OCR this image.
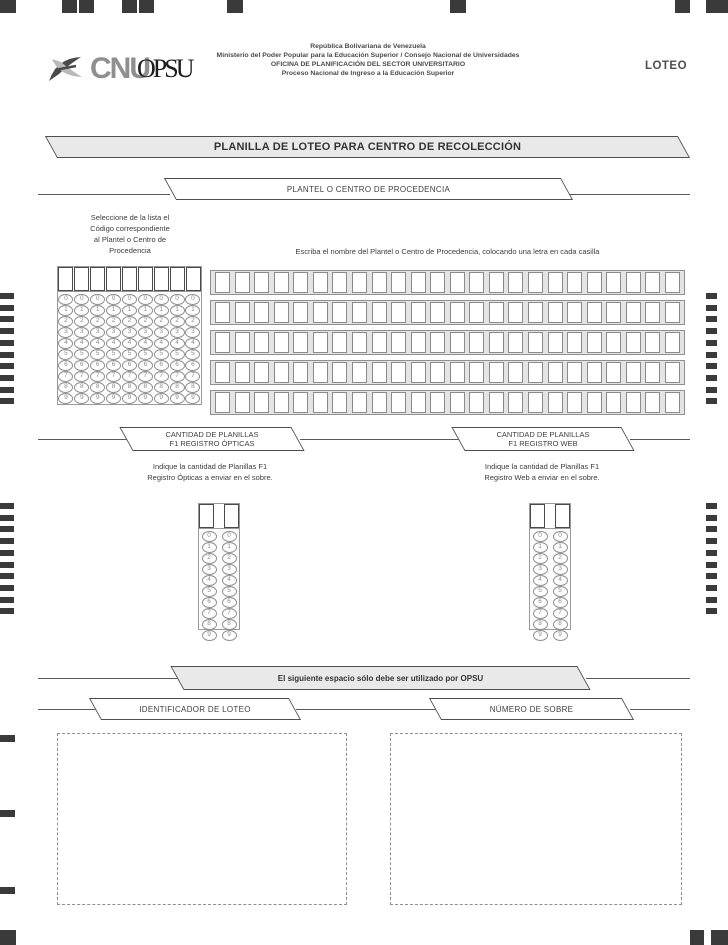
CNU
OPSU
República Bolivariana de Venezuela
Ministerio del Poder Popular para la Educación Superior / Consejo Nacional de Universidades
OFICINA DE PLANIFICACIÓN DEL SECTOR UNIVERSITARIO
Proceso Nacional de Ingreso a la Educación Superior
LOTEO
PLANILLA DE LOTEO PARA CENTRO DE RECOLECCIÓN
PLANTEL O CENTRO DE PROCEDENCIA
Seleccione de la lista el
Código correspondiente
al Plantel o Centro de
Procedencia	Escriba el nombre del Plantel o Centro de Procedencia, colocando una letra en cada casilla
0	0	0	0	0	0	0	0	0
1	1	1	1	1	1	1	1	1
2	2	2	2	2	2	2	2	2
3	3	3	3	3	3	3	3	3
4	4	4	4	4	4	4	4	4
5	5	5	5	5	5	5	5	5
6	6	6	6	6	6	6	6	6
7	7	7	7	7	7	7	7	7
8	8	8	8	8	8	8	8	8
9	9	9	9	9	9	9	9	9
CANTIDAD DE PLANILLAS
F1 REGISTRO ÓPTICAS
CANTIDAD DE PLANILLAS
F1 REGISTRO WEB
Indique la cantidad de Planillas F1
Registro Ópticas a enviar en el sobre.
Indique la cantidad de Planillas F1
Registro Web a enviar en el sobre.
0	0
1	1
2	2
3	3
4	4
5	5
6	6
7	7
8	8
9	9
0	0
1	1
2	2
3	3
4	4
5	5
6	6
7	7
8	8
9	9
El siguiente espacio sólo debe ser utilizado por OPSU
IDENTIFICADOR DE LOTEO	NÚMERO DE SOBRE
